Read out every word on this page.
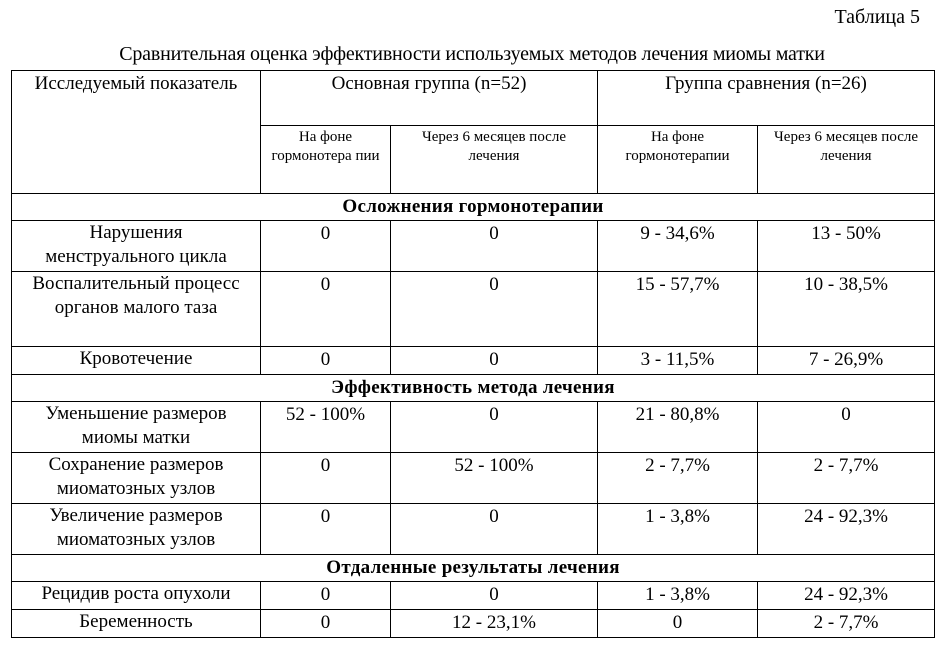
Таблица 5
Сравнительная оценка эффективности используемых методов лечения миомы матки
Исследуемый показатель	Основная группа (n=52)		Группа сравнения (n=26)	
	На фоне гормонотера пии	Через 6 месяцев после лечения	На фоне гормонотерапии	Через 6 месяцев после лечения
Осложнения гормонотерапии				
Нарушения менструального цикла	0	0	9 - 34,6%	13 - 50%
Воспалительный процесс органов малого таза	0	0	15 - 57,7%	10 - 38,5%
Кровотечение	0	0	3 - 11,5%	7 - 26,9%
Эффективность метода лечения				
Уменьшение размеров миомы матки	52 - 100%	0	21 - 80,8%	0
Сохранение размеров миоматозных узлов	0	52 - 100%	2 - 7,7%	2 - 7,7%
Увеличение размеров миоматозных узлов	0	0	1 - 3,8%	24 - 92,3%
Отдаленные результаты лечения				
Рецидив роста опухоли	0	0	1 - 3,8%	24 - 92,3%
Беременность	0	12 - 23,1%	0	2 - 7,7%
